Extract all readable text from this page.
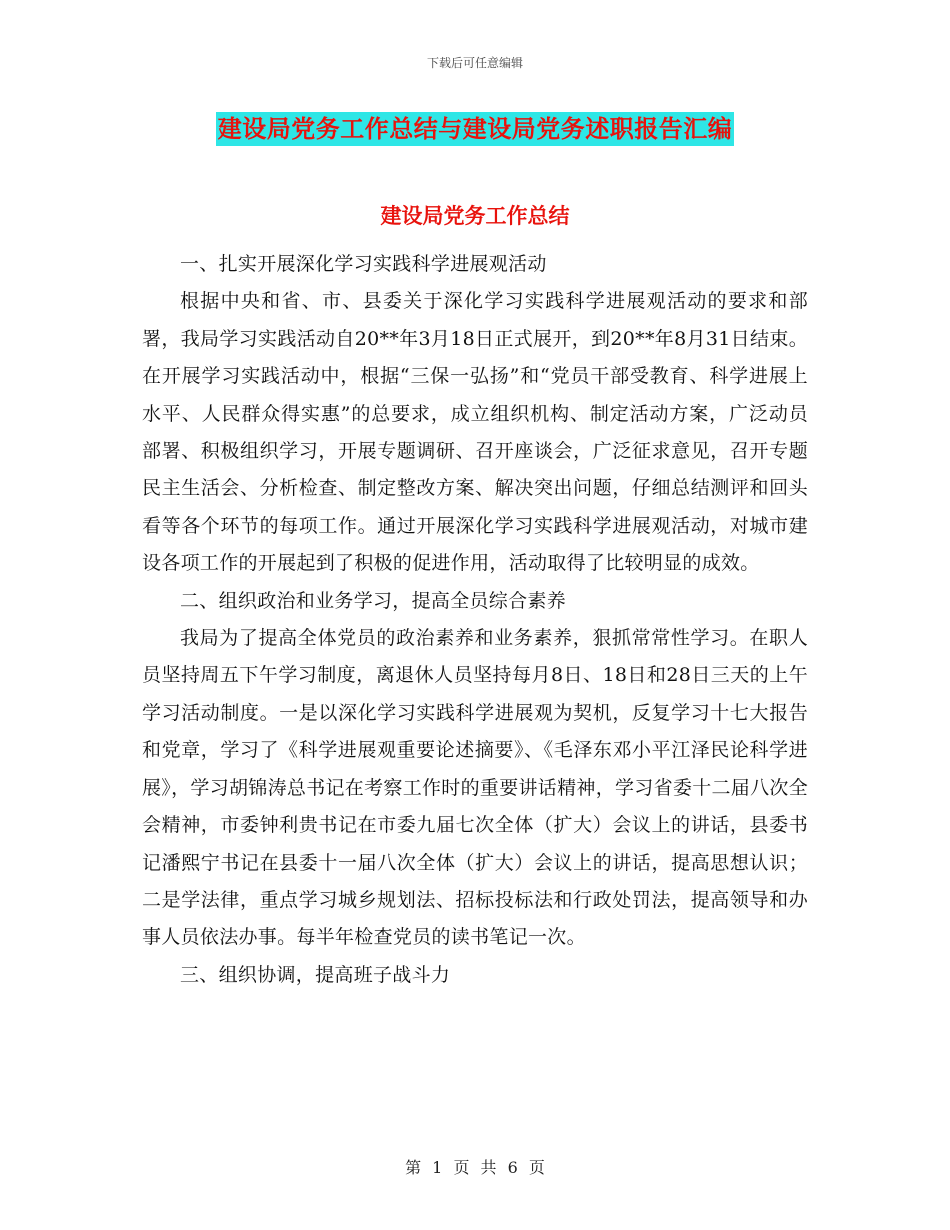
下载后可任意编辑
建设局党务工作总结与建设局党务述职报告汇编
建设局党务工作总结

一、扎实开展深化学习实践科学进展观活动

根据中央和省、市、县委关于深化学习实践科学进展观活动的要求和部署，我局学习实践活动自20**年3月18日正式展开，到20**年8月31日结束。在开展学习实践活动中，根据“三保一弘扬”和“党员干部受教育、科学进展上水平、人民群众得实惠”的总要求，成立组织机构、制定活动方案，广泛动员部署、积极组织学习，开展专题调研、召开座谈会，广泛征求意见，召开专题民主生活会、分析检查、制定整改方案、解决突出问题，仔细总结测评和回头看等各个环节的每项工作。通过开展深化学习实践科学进展观活动，对城市建设各项工作的开展起到了积极的促进作用，活动取得了比较明显的成效。

二、组织政治和业务学习，提高全员综合素养

我局为了提高全体党员的政治素养和业务素养，狠抓常常性学习。在职人员坚持周五下午学习制度，离退休人员坚持每月8日、18日和28日三天的上午学习活动制度。一是以深化学习实践科学进展观为契机，反复学习十七大报告和党章，学习了《科学进展观重要论述摘要》、《毛泽东邓小平江泽民论科学进展》，学习胡锦涛总书记在考察工作时的重要讲话精神，学习省委十二届八次全会精神，市委钟利贵书记在市委九届七次全体（扩大）会议上的讲话，县委书记潘熙宁书记在县委十一届八次全体（扩大）会议上的讲话，提高思想认识；二是学法律，重点学习城乡规划法、招标投标法和行政处罚法，提高领导和办事人员依法办事。每半年检查党员的读书笔记一次。

三、组织协调，提高班子战斗力

第 1 页 共 6 页
